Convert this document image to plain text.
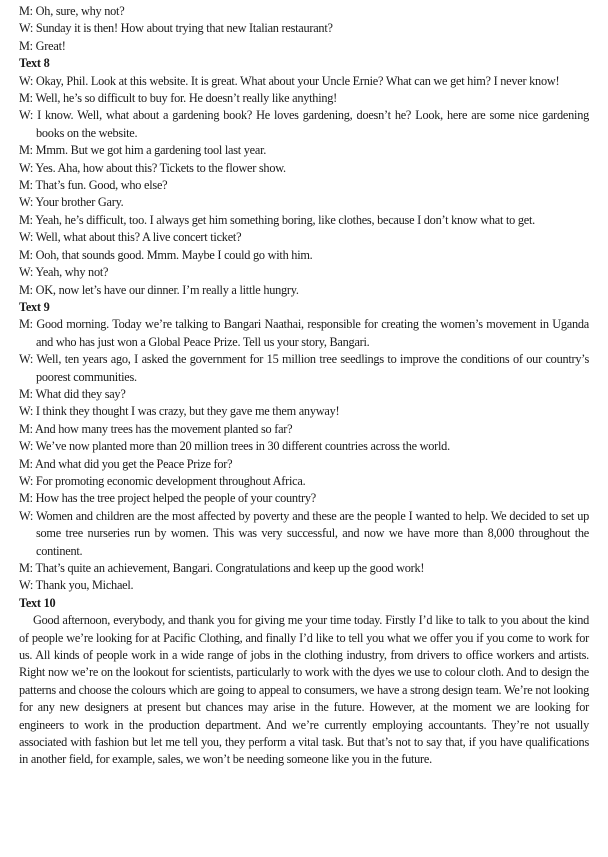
M: Oh, sure, why not?

W: Sunday it is then! How about trying that new Italian restaurant?

M: Great!

Text 8

W: Okay, Phil. Look at this website. It is great. What about your Uncle Ernie? What can we get him? I never know!

M: Well, he’s so difficult to buy for. He doesn’t really like anything!

W: I know. Well, what about a gardening book? He loves gardening, doesn’t he? Look, here are some nice gardening books on the website.

M: Mmm. But we got him a gardening tool last year.

W: Yes. Aha, how about this? Tickets to the flower show.

M: That’s fun. Good, who else?

W: Your brother Gary.

M: Yeah, he’s difficult, too. I always get him something boring, like clothes, because I don’t know what to get.

W: Well, what about this? A live concert ticket?

M: Ooh, that sounds good. Mmm. Maybe I could go with him.

W: Yeah, why not?

M: OK, now let’s have our dinner. I’m really a little hungry.

Text 9

M: Good morning. Today we’re talking to Bangari Naathai, responsible for creating the women’s movement in Uganda and who has just won a Global Peace Prize. Tell us your story, Bangari.

W: Well, ten years ago, I asked the government for 15 million tree seedlings to improve the conditions of our country’s poorest communities.

M: What did they say?

W: I think they thought I was crazy, but they gave me them anyway!

M: And how many trees has the movement planted so far?

W: We’ve now planted more than 20 million trees in 30 different countries across the world.

M: And what did you get the Peace Prize for?

W: For promoting economic development throughout Africa.

M: How has the tree project helped the people of your country?

W: Women and children are the most affected by poverty and these are the people I wanted to help. We decided to set up some tree nurseries run by women. This was very successful, and now we have more than 8,000 throughout the continent.

M: That’s quite an achievement, Bangari. Congratulations and keep up the good work!

W: Thank you, Michael.

Text 10

Good afternoon, everybody, and thank you for giving me your time today. Firstly I’d like to talk to you about the kind of people we’re looking for at Pacific Clothing, and finally I’d like to tell you what we offer you if you come to work for us. All kinds of people work in a wide range of jobs in the clothing industry, from drivers to office workers and artists. Right now we’re on the lookout for scientists, particularly to work with the dyes we use to colour cloth. And to design the patterns and choose the colours which are going to appeal to consumers, we have a strong design team. We’re not looking for any new designers at present but chances may arise in the future. However, at the moment we are looking for engineers to work in the production department. And we’re currently employing accountants. They’re not usually associated with fashion but let me tell you, they perform a vital task. But that’s not to say that, if you have qualifications in another field, for example, sales, we won’t be needing someone like you in the future.
